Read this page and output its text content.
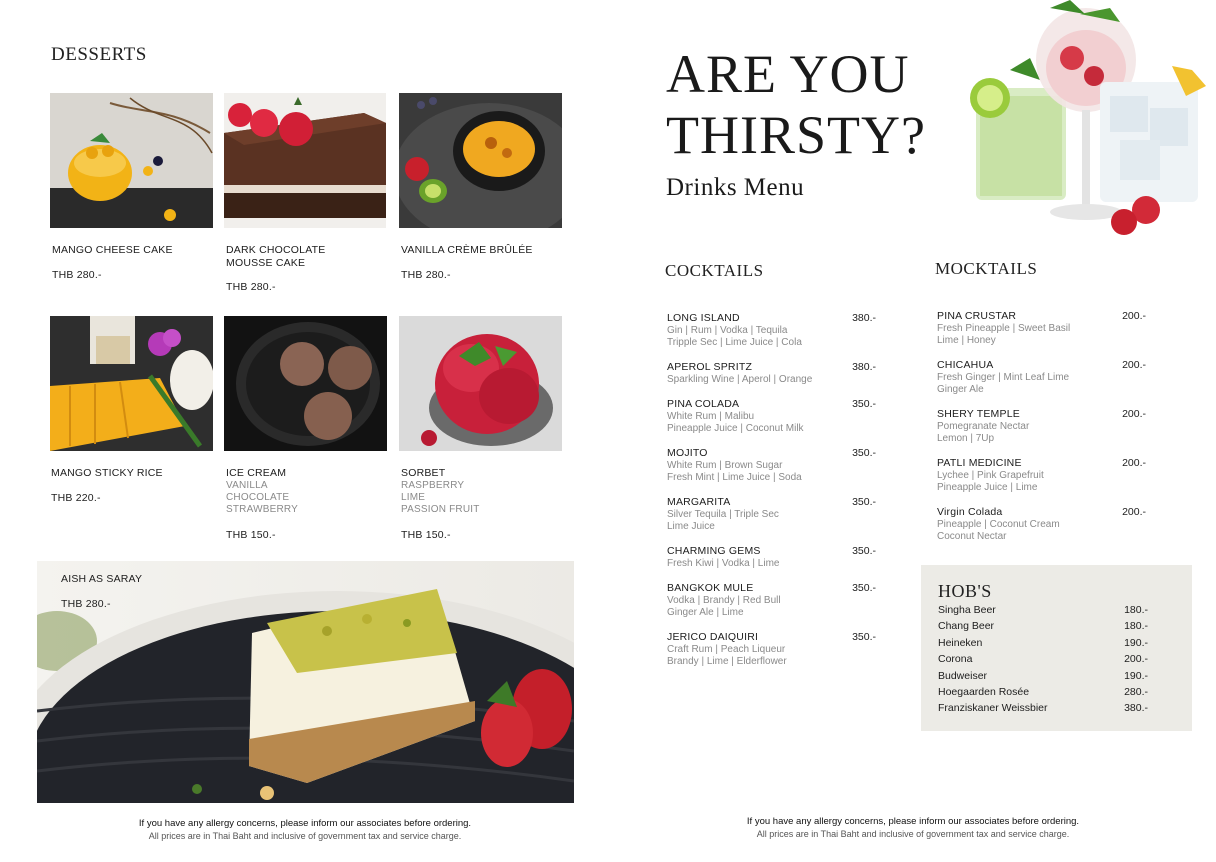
DESSERTS
MANGO CHEESE CAKE
THB 280.-
DARK CHOCOLATE
MOUSSE CAKE
THB 280.-
VANILLA CRÈME BRÛLÉE
THB 280.-
MANGO STICKY RICE
THB 220.-
ICE CREAM
VANILLA
CHOCOLATE
STRAWBERRY
THB 150.-
SORBET
RASPBERRY
LIME
PASSION FRUIT
THB 150.-
AISH AS SARAY
THB 280.-
If you have any allergy concerns, please inform our associates before ordering.
All prices are in Thai Baht and inclusive of government tax and service charge.
ARE YOU
THIRSTY?
Drinks Menu
COCKTAILS
LONG ISLAND
Gin | Rum | Vodka | Tequila
Tripple Sec | Lime Juice | Cola
380.-
APEROL SPRITZ
Sparkling Wine | Aperol | Orange
380.-
PINA COLADA
White Rum | Malibu
Pineapple Juice | Coconut Milk
350.-
MOJITO
White Rum | Brown Sugar
Fresh Mint | Lime Juice | Soda
350.-
MARGARITA
Silver Tequila | Triple Sec
Lime Juice
350.-
CHARMING GEMS
Fresh Kiwi | Vodka | Lime
350.-
BANGKOK MULE
Vodka | Brandy | Red Bull
Ginger Ale | Lime
350.-
JERICO DAIQUIRI
Craft Rum | Peach Liqueur
Brandy | Lime | Elderflower
350.-
MOCKTAILS
PINA CRUSTAR
Fresh Pineapple | Sweet Basil
Lime | Honey
200.-
CHICAHUA
Fresh Ginger | Mint Leaf Lime
Ginger Ale
200.-
SHERY TEMPLE
Pomegranate Nectar
Lemon | 7Up
200.-
PATLI MEDICINE
Lychee | Pink Grapefruit
Pineapple Juice | Lime
200.-
Virgin Colada
Pineapple | Coconut Cream
Coconut Nectar
200.-
HOB'S
Singha Beer	180.-
Chang Beer	180.-
Heineken	190.-
Corona	200.-
Budweiser	190.-
Hoegaarden Rosée	280.-
Franziskaner Weissbier	380.-
If you have any allergy concerns, please inform our associates before ordering.
All prices are in Thai Baht and inclusive of government tax and service charge.
